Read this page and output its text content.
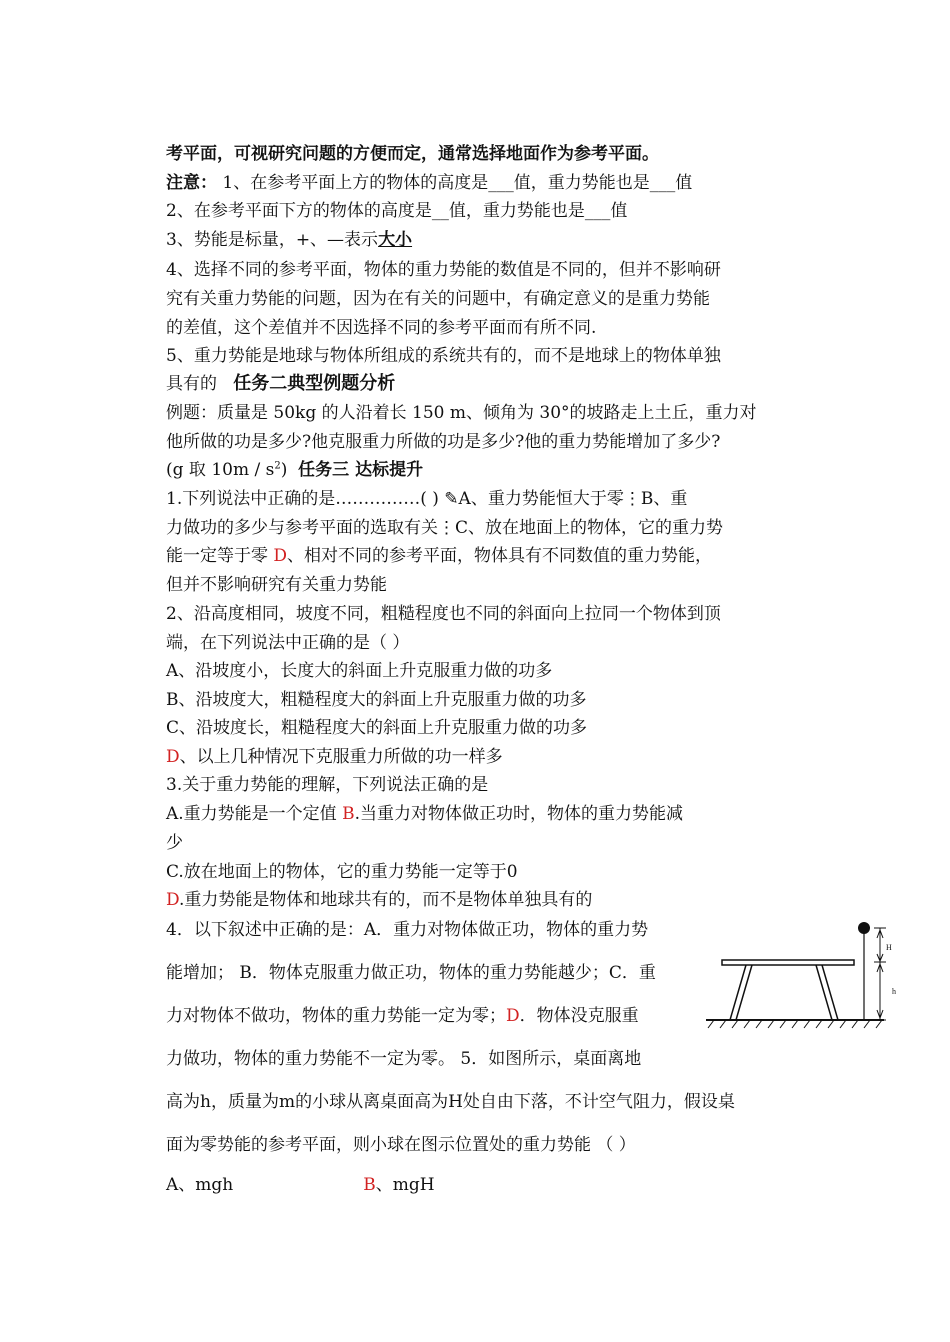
考平面，可视研究问题的方便而定，通常选择地面作为参考平面。
注意： 1、在参考平面上方的物体的高度是___值，重力势能也是___值
2、在参考平面下方的物体的高度是__值，重力势能也是___值
3、势能是标量，+、—表示大小
4、选择不同的参考平面，物体的重力势能的数值是不同的，但并不影响研
究有关重力势能的问题，因为在有关的问题中，有确定意义的是重力势能
的差值，这个差值并不因选择不同的参考平面而有所不同.
5、重力势能是地球与物体所组成的系统共有的，而不是地球上的物体单独
具有的 任务二典型例题分析
例题：质量是 50kg 的人沿着长 150 m、倾角为 30°的坡路走上土丘，重力对
他所做的功是多少?他克服重力所做的功是多少?他的重力势能增加了多少?
(g 取 $10m / s^2$) 任务三 达标提升
1.下列说法中正确的是……………( ) ✎A、重力势能恒大于零⋮B、重
力做功的多少与参考平面的选取有关⋮C、放在地面上的物体，它的重力势
能一定等于零 D、相对不同的参考平面，物体具有不同数值的重力势能，
但并不影响研究有关重力势能
2、沿高度相同，坡度不同，粗糙程度也不同的斜面向上拉同一个物体到顶
端，在下列说法中正确的是（ ）
A、沿坡度小，长度大的斜面上升克服重力做的功多
B、沿坡度大，粗糙程度大的斜面上升克服重力做的功多
C、沿坡度长，粗糙程度大的斜面上升克服重力做的功多
D、以上几种情况下克服重力所做的功一样多
3.关于重力势能的理解，下列说法正确的是
A.重力势能是一个定值 B.当重力对物体做正功时，物体的重力势能减
少
C.放在地面上的物体，它的重力势能一定等于0
D.重力势能是物体和地球共有的，而不是物体单独具有的
4．以下叙述中正确的是：A．重力对物体做正功，物体的重力势
能增加； B．物体克服重力做正功，物体的重力势能越少；C．重
力对物体不做功，物体的重力势能一定为零；D．物体没克服重
力做功，物体的重力势能不一定为零。 5．如图所示，桌面离地
高为h，质量为m的小球从离桌面高为H处自由下落，不计空气阻力，假设桌
面为零势能的参考平面，则小球在图示位置处的重力势能 （ ）
A、mgh	B、mgH
H
h
